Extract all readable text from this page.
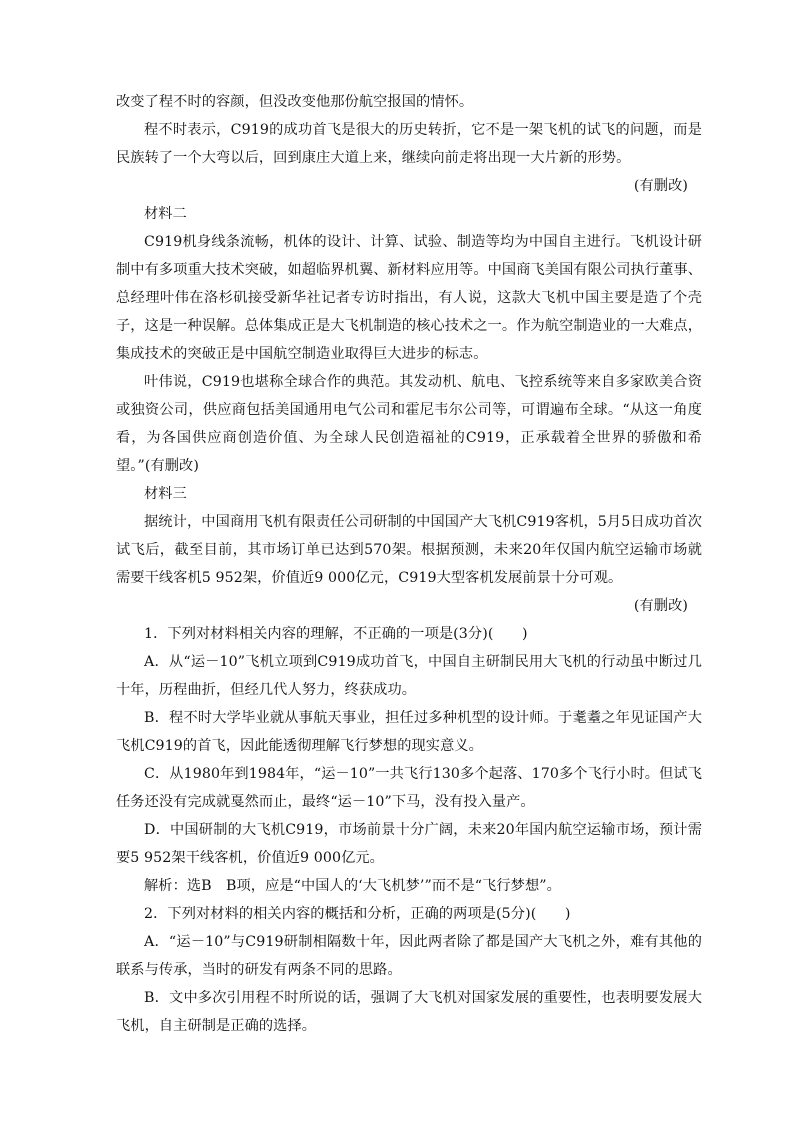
改变了程不时的容颜，但没改变他那份航空报国的情怀。

程不时表示，C919的成功首飞是很大的历史转折，它不是一架飞机的试飞的问题，而是民族转了一个大弯以后，回到康庄大道上来，继续向前走将出现一大片新的形势。

(有删改)

材料二

C919机身线条流畅，机体的设计、计算、试验、制造等均为中国自主进行。飞机设计研制中有多项重大技术突破，如超临界机翼、新材料应用等。中国商飞美国有限公司执行董事、总经理叶伟在洛杉矶接受新华社记者专访时指出，有人说，这款大飞机中国主要是造了个壳子，这是一种误解。总体集成正是大飞机制造的核心技术之一。作为航空制造业的一大难点，集成技术的突破正是中国航空制造业取得巨大进步的标志。

叶伟说，C919也堪称全球合作的典范。其发动机、航电、飞控系统等来自多家欧美合资或独资公司，供应商包括美国通用电气公司和霍尼韦尔公司等，可谓遍布全球。“从这一角度看，为各国供应商创造价值、为全球人民创造福祉的C919，正承载着全世界的骄傲和希望。”(有删改)

材料三

据统计，中国商用飞机有限责任公司研制的中国国产大飞机C919客机，5月5日成功首次试飞后，截至目前，其市场订单已达到570架。根据预测，未来20年仅国内航空运输市场就需要干线客机5 952架，价值近9 000亿元，C919大型客机发展前景十分可观。

(有删改)

1．下列对材料相关内容的理解，不正确的一项是(3分)(　　)

A．从“运－10”飞机立项到C919成功首飞，中国自主研制民用大飞机的行动虽中断过几十年，历程曲折，但经几代人努力，终获成功。

B．程不时大学毕业就从事航天事业，担任过多种机型的设计师。于耄耋之年见证国产大飞机C919的首飞，因此能透彻理解飞行梦想的现实意义。

C．从1980年到1984年，“运－10”一共飞行130多个起落、170多个飞行小时。但试飞任务还没有完成就戛然而止，最终“运－10”下马，没有投入量产。

D．中国研制的大飞机C919，市场前景十分广阔，未来20年国内航空运输市场，预计需要5 952架干线客机，价值近9 000亿元。

解析：选B　B项，应是“中国人的‘大飞机梦’”而不是“飞行梦想”。

2．下列对材料的相关内容的概括和分析，正确的两项是(5分)(　　)

A．“运－10”与C919研制相隔数十年，因此两者除了都是国产大飞机之外，难有其他的联系与传承，当时的研发有两条不同的思路。

B．文中多次引用程不时所说的话，强调了大飞机对国家发展的重要性，也表明要发展大飞机，自主研制是正确的选择。
